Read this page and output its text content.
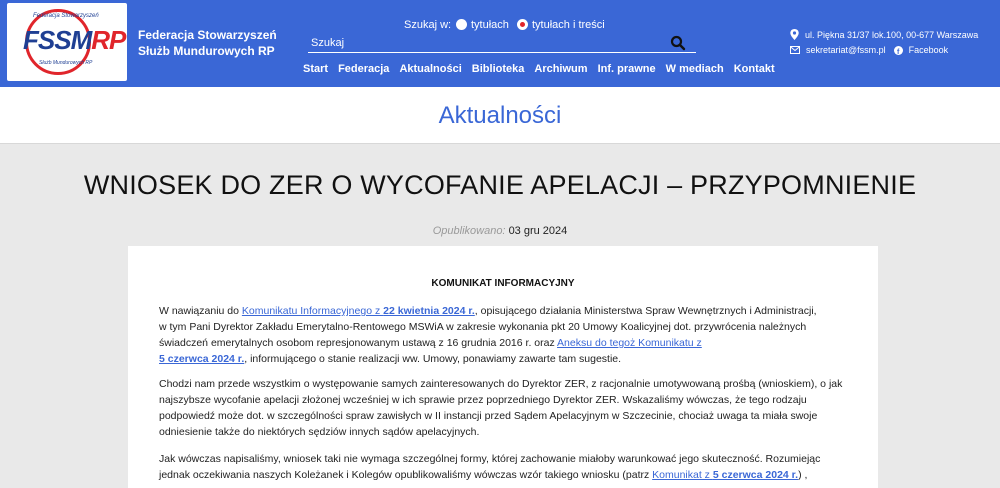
Federacja Stowarzyszeń
FSSMRP
Służb Mundurowych RP
Federacja Stowarzyszeń
Służb Mundurowych RP
Szukaj w: tytułach tytułach i treści
Szukaj
Start Federacja Aktualności Biblioteka Archiwum Inf. prawne W mediach Kontakt
ul. Piękna 31/37 lok.100, 00-677 Warszawa
sekretariat@fssm.pl f Facebook
Aktualności
WNIOSEK DO ZER O WYCOFANIE APELACJI – PRZYPOMNIENIE
Opublikowano: 03 gru 2024
KOMUNIKAT INFORMACYJNY
W nawiązaniu do Komunikatu Informacyjnego z 22 kwietnia 2024 r., opisującego działania Ministerstwa Spraw Wewnętrznych i Administracji,
w tym Pani Dyrektor Zakładu Emerytalno-Rentowego MSWiA w zakresie wykonania pkt 20 Umowy Koalicyjnej dot. przywrócenia należnych
świadczeń emerytalnych osobom represjonowanym ustawą z 16 grudnia 2016 r. oraz Aneksu do tegoż Komunikatu z
5 czerwca 2024 r., informującego o stanie realizacji ww. Umowy, ponawiamy zawarte tam sugestie.
Chodzi nam przede wszystkim o występowanie samych zainteresowanych do Dyrektor ZER, z racjonalnie umotywowaną prośbą (wnioskiem), o jak
najszybsze wycofanie apelacji złożonej wcześniej w ich sprawie przez poprzedniego Dyrektor ZER. Wskazaliśmy wówczas, że tego rodzaju
podpowiedź może dot. w szczególności spraw zawisłych w II instancji przed Sądem Apelacyjnym w Szczecinie, chociaż uwaga ta miała swoje
odniesienie także do niektórych sędziów innych sądów apelacyjnych.
Jak wówczas napisaliśmy, wniosek taki nie wymaga szczególnej formy, której zachowanie miałoby warunkować jego skuteczność. Rozumiejąc
jednak oczekiwania naszych Koleżanek i Kolegów opublikowaliśmy wówczas wzór takiego wniosku (patrz Komunikat z 5 czerwca 2024 r.) ,
